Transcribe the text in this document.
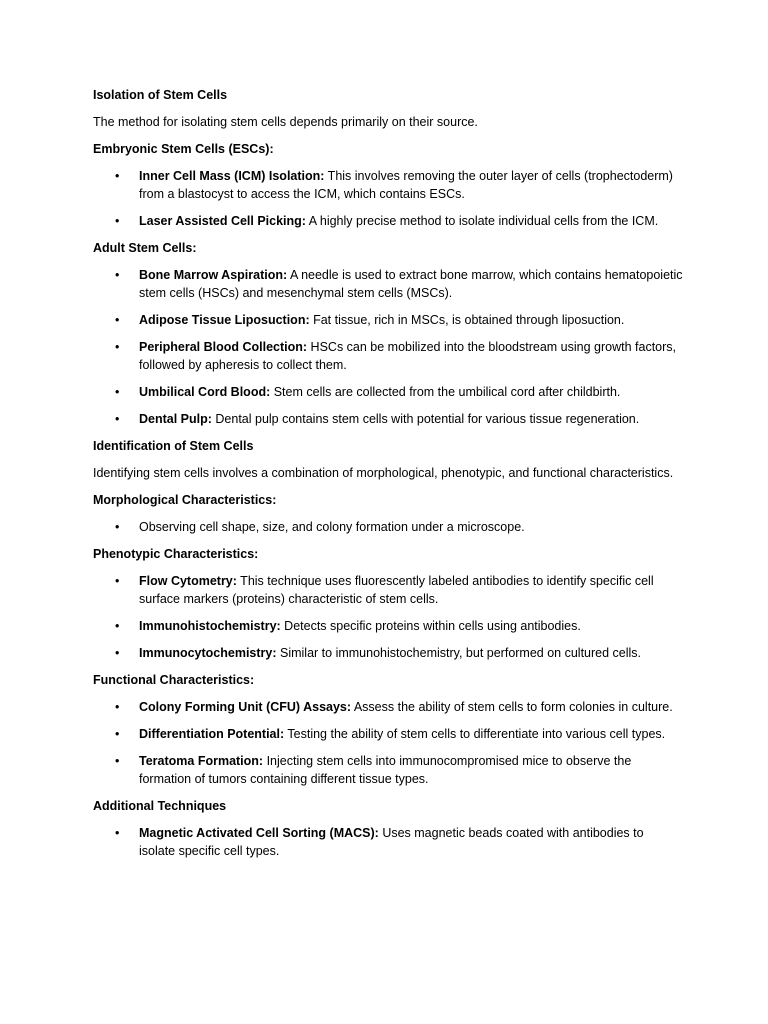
Isolation of Stem Cells
The method for isolating stem cells depends primarily on their source.
Embryonic Stem Cells (ESCs):
• Inner Cell Mass (ICM) Isolation: This involves removing the outer layer of cells (trophectoderm) from a blastocyst to access the ICM, which contains ESCs.
• Laser Assisted Cell Picking: A highly precise method to isolate individual cells from the ICM.
Adult Stem Cells:
• Bone Marrow Aspiration: A needle is used to extract bone marrow, which contains hematopoietic stem cells (HSCs) and mesenchymal stem cells (MSCs).
• Adipose Tissue Liposuction: Fat tissue, rich in MSCs, is obtained through liposuction.
• Peripheral Blood Collection: HSCs can be mobilized into the bloodstream using growth factors, followed by apheresis to collect them.
• Umbilical Cord Blood: Stem cells are collected from the umbilical cord after childbirth.
• Dental Pulp: Dental pulp contains stem cells with potential for various tissue regeneration.
Identification of Stem Cells
Identifying stem cells involves a combination of morphological, phenotypic, and functional characteristics.
Morphological Characteristics:
• Observing cell shape, size, and colony formation under a microscope.
Phenotypic Characteristics:
• Flow Cytometry: This technique uses fluorescently labeled antibodies to identify specific cell surface markers (proteins) characteristic of stem cells.
• Immunohistochemistry: Detects specific proteins within cells using antibodies.
• Immunocytochemistry: Similar to immunohistochemistry, but performed on cultured cells.
Functional Characteristics:
• Colony Forming Unit (CFU) Assays: Assess the ability of stem cells to form colonies in culture.
• Differentiation Potential: Testing the ability of stem cells to differentiate into various cell types.
• Teratoma Formation: Injecting stem cells into immunocompromised mice to observe the formation of tumors containing different tissue types.
Additional Techniques
• Magnetic Activated Cell Sorting (MACS): Uses magnetic beads coated with antibodies to isolate specific cell types.
